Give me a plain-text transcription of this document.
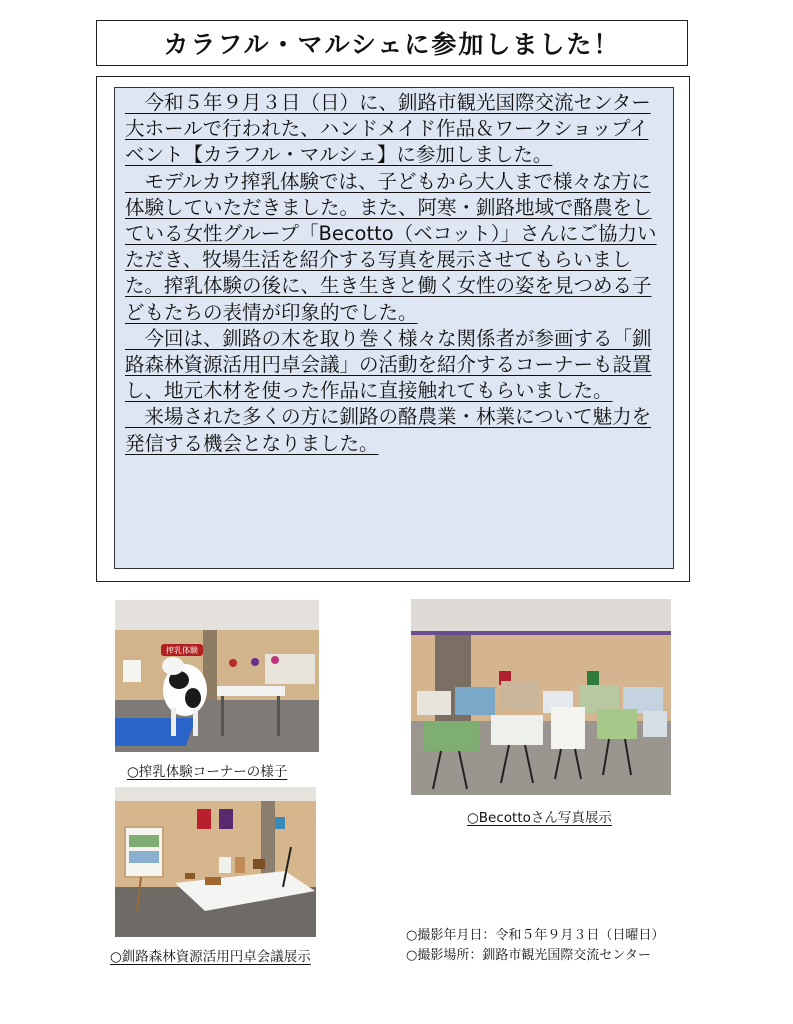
カラフル・マルシェに参加しました！

　今和５年９月３日（日）に、釧路市観光国際交流センター大ホールで行われた、ハンドメイド作品＆ワークショップイベント【カラフル・マルシェ】に参加しました。

　モデルカウ搾乳体験では、子どもから大人まで様々な方に体験していただきました。また、阿寒・釧路地域で酪農をしている女性グループ「Becotto（ベコット）」さんにご協力いただき、牧場生活を紹介する写真を展示させてもらいました。搾乳体験の後に、生き生きと働く女性の姿を見つめる子どもたちの表情が印象的でした。

　今回は、釧路の木を取り巻く様々な関係者が参画する「釧路森林資源活用円卓会議」の活動を紹介するコーナーも設置し、地元木材を使った作品に直接触れてもらいました。

　来場された多くの方に釧路の酪農業・林業について魅力を発信する機会となりました。

搾乳体験
○搾乳体験コーナーの様子
○Becottoさん写真展示
○釧路森林資源活用円卓会議展示
○撮影年月日：令和５年９月３日（日曜日）
○撮影場所：釧路市観光国際交流センター
